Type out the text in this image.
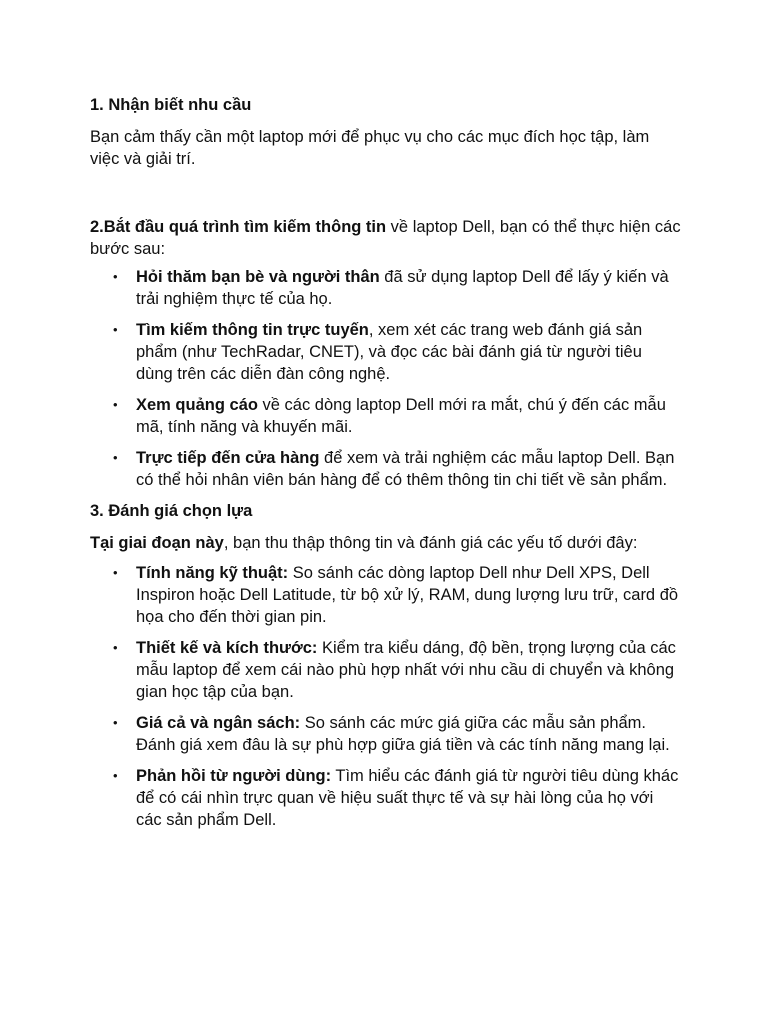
1. Nhận biết nhu cầu

Bạn cảm thấy cần một laptop mới để phục vụ cho các mục đích học tập, làm việc và giải trí.

2.Bắt đầu quá trình tìm kiếm thông tin về laptop Dell, bạn có thể thực hiện các bước sau:

• Hỏi thăm bạn bè và người thân đã sử dụng laptop Dell để lấy ý kiến và trải nghiệm thực tế của họ.
• Tìm kiếm thông tin trực tuyến, xem xét các trang web đánh giá sản phẩm (như TechRadar, CNET), và đọc các bài đánh giá từ người tiêu dùng trên các diễn đàn công nghệ.
• Xem quảng cáo về các dòng laptop Dell mới ra mắt, chú ý đến các mẫu mã, tính năng và khuyến mãi.
• Trực tiếp đến cửa hàng để xem và trải nghiệm các mẫu laptop Dell. Bạn có thể hỏi nhân viên bán hàng để có thêm thông tin chi tiết về sản phẩm.

3. Đánh giá chọn lựa

Tại giai đoạn này, bạn thu thập thông tin và đánh giá các yếu tố dưới đây:

• Tính năng kỹ thuật: So sánh các dòng laptop Dell như Dell XPS, Dell Inspiron hoặc Dell Latitude, từ bộ xử lý, RAM, dung lượng lưu trữ, card đồ họa cho đến thời gian pin.
• Thiết kế và kích thước: Kiểm tra kiểu dáng, độ bền, trọng lượng của các mẫu laptop để xem cái nào phù hợp nhất với nhu cầu di chuyển và không gian học tập của bạn.
• Giá cả và ngân sách: So sánh các mức giá giữa các mẫu sản phẩm. Đánh giá xem đâu là sự phù hợp giữa giá tiền và các tính năng mang lại.
• Phản hồi từ người dùng: Tìm hiểu các đánh giá từ người tiêu dùng khác để có cái nhìn trực quan về hiệu suất thực tế và sự hài lòng của họ với các sản phẩm Dell.
